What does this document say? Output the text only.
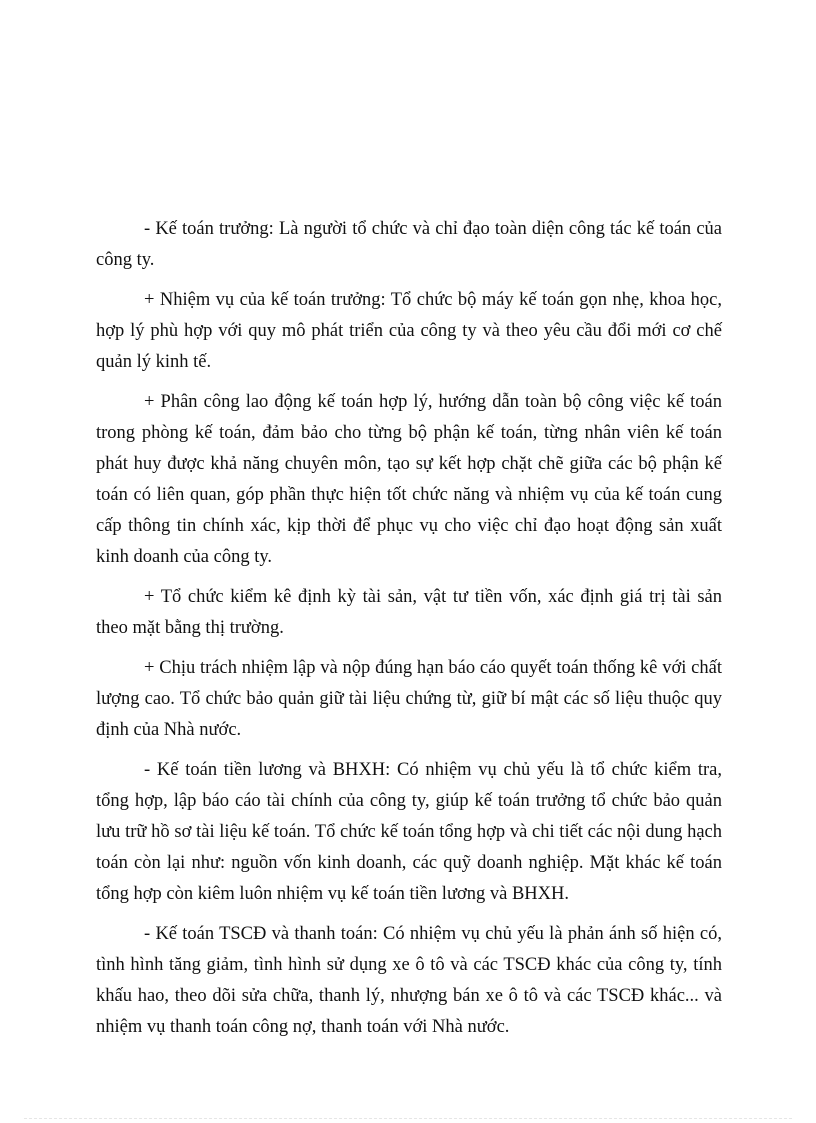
- Kế toán trưởng: Là người tổ chức và chỉ đạo toàn diện công tác kế toán của công ty.

+ Nhiệm vụ của kế toán trưởng: Tổ chức bộ máy kế toán gọn nhẹ, khoa học, hợp lý phù hợp với quy mô phát triển của công ty và theo yêu cầu đổi mới cơ chế quản lý kinh tế.

+ Phân công lao động kế toán hợp lý, hướng dẫn toàn bộ công việc kế toán trong phòng kế toán, đảm bảo cho từng bộ phận kế toán, từng nhân viên kế toán phát huy được khả năng chuyên môn, tạo sự kết hợp chặt chẽ giữa các bộ phận kế toán có liên quan, góp phần thực hiện tốt chức năng và nhiệm vụ của kế toán cung cấp thông tin chính xác, kịp thời để phục vụ cho việc chỉ đạo hoạt động sản xuất kinh doanh của công ty.

+ Tổ chức kiểm kê định kỳ tài sản, vật tư tiền vốn, xác định giá trị tài sản theo mặt bằng thị trường.

+ Chịu trách nhiệm lập và nộp đúng hạn báo cáo quyết toán thống kê với chất lượng cao. Tổ chức bảo quản giữ tài liệu chứng từ, giữ bí mật các số liệu thuộc quy định của Nhà nước.

- Kế toán tiền lương và BHXH: Có nhiệm vụ chủ yếu là tổ chức kiểm tra, tổng hợp, lập báo cáo tài chính của công ty, giúp kế toán trưởng tổ chức bảo quản lưu trữ hồ sơ tài liệu kế toán. Tổ chức kế toán tổng hợp và chi tiết các nội dung hạch toán còn lại như: nguồn vốn kinh doanh, các quỹ doanh nghiệp. Mặt khác kế toán tổng hợp còn kiêm luôn nhiệm vụ kế toán tiền lương và BHXH.

- Kế toán TSCĐ và thanh toán: Có nhiệm vụ chủ yếu là phản ánh số hiện có, tình hình tăng giảm, tình hình sử dụng xe ô tô và các TSCĐ khác của công ty, tính khấu hao, theo dõi sửa chữa, thanh lý, nhượng bán xe ô tô và các TSCĐ khác... và nhiệm vụ thanh toán công nợ, thanh toán với Nhà nước.
